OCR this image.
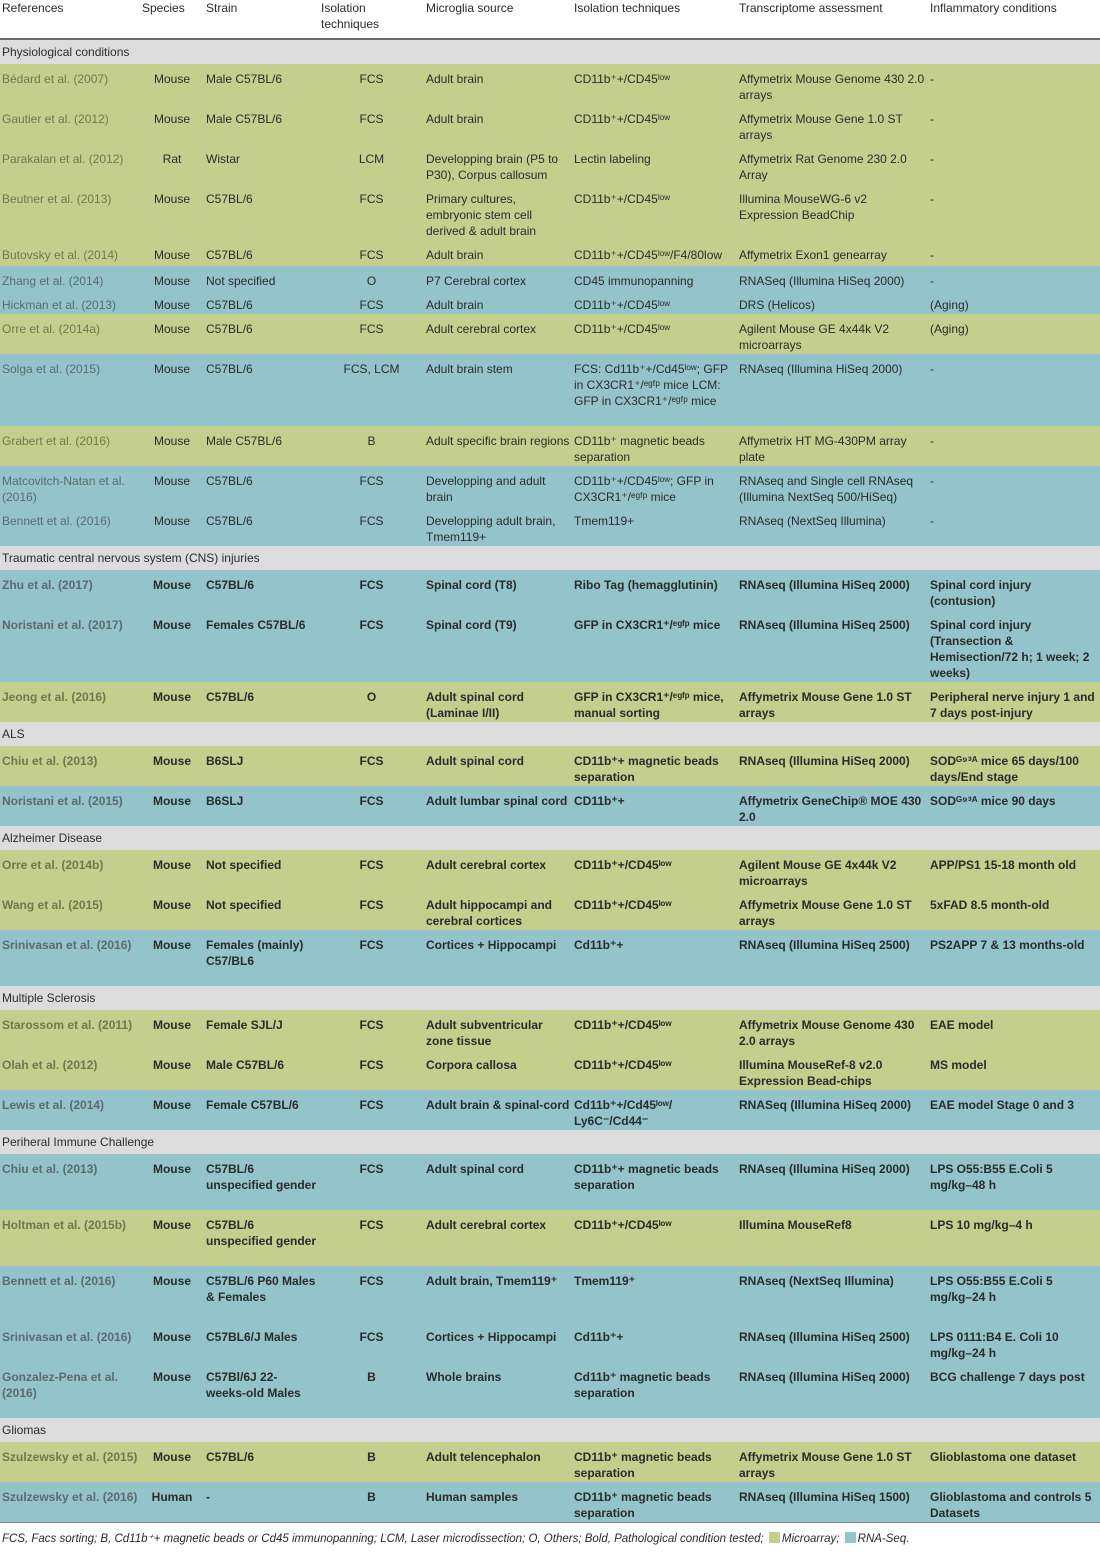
References	Species	Strain	Isolation techniques	Microglia source	Isolation techniques	Transcriptome assessment	Inflammatory conditions
Physiological conditions							
Bédard et al. (2007)	Mouse	Male C57BL/6	FCS	Adult brain	CD11b⁺+/CD45ˡᵒʷ	Affymetrix Mouse Genome 430 2.0 arrays	-
Gautier et al. (2012)	Mouse	Male C57BL/6	FCS	Adult brain	CD11b⁺+/CD45ˡᵒʷ	Affymetrix Mouse Gene 1.0 ST arrays	-
Parakalan et al. (2012)	Rat	Wistar	LCM	Developping brain (P5 to P30), Corpus callosum	Lectin labeling	Affymetrix Rat Genome 230 2.0 Array	-
Beutner et al. (2013)	Mouse	C57BL/6	FCS	Primary cultures, embryonic stem cell derived & adult brain	CD11b⁺+/CD45ˡᵒʷ	Illumina MouseWG-6 v2 Expression BeadChip	-
Butovsky et al. (2014)	Mouse	C57BL/6	FCS	Adult brain	CD11b⁺+/CD45ˡᵒʷ/F4/80low	Affymetrix Exon1 genearray	-
Zhang et al. (2014)	Mouse	Not specified	O	P7 Cerebral cortex	CD45 immunopanning	RNASeq (Illumina HiSeq 2000)	-
Hickman et al. (2013)	Mouse	C57BL/6	FCS	Adult brain	CD11b⁺+/CD45ˡᵒʷ	DRS (Helicos)	(Aging)
Orre et al. (2014a)	Mouse	C57BL/6	FCS	Adult cerebral cortex	CD11b⁺+/CD45ˡᵒʷ	Agilent Mouse GE 4x44k V2 microarrays	(Aging)
Solga et al. (2015)	Mouse	C57BL/6	FCS, LCM	Adult brain stem	FCS: Cd11b⁺+/Cd45ˡᵒʷ; GFP in CX3CR1⁺/ᵉᵍᶠᵖ mice LCM: GFP in CX3CR1⁺/ᵉᵍᶠᵖ mice	RNAseq (Illumina HiSeq 2000)	-
Grabert et al. (2016)	Mouse	Male C57BL/6	B	Adult specific brain regions	CD11b⁺ magnetic beads separation	Affymetrix HT MG-430PM array plate	-
Matcovitch-Natan et al. (2016)	Mouse	C57BL/6	FCS	Developping and adult brain	CD11b⁺+/CD45ˡᵒʷ; GFP in CX3CR1⁺/ᵉᵍᶠᵖ mice	RNAseq and Single cell RNAseq (Illumina NextSeq 500/HiSeq)	-
Bennett et al. (2016)	Mouse	C57BL/6	FCS	Developping adult brain, Tmem119+	Tmem119+	RNAseq (NextSeq Illumina)	-
Traumatic central nervous system (CNS) injuries							
Zhu et al. (2017)	Mouse	C57BL/6	FCS	Spinal cord (T8)	Ribo Tag (hemagglutinin)	RNAseq (Illumina HiSeq 2000)	Spinal cord injury (contusion)
Noristani et al. (2017)	Mouse	Females C57BL/6	FCS	Spinal cord (T9)	GFP in CX3CR1⁺/ᵉᵍᶠᵖ mice	RNAseq (Illumina HiSeq 2500)	Spinal cord injury (Transection & Hemisection/72 h; 1 week; 2 weeks)
Jeong et al. (2016)	Mouse	C57BL/6	O	Adult spinal cord (Laminae I/II)	GFP in CX3CR1⁺/ᵉᵍᶠᵖ mice, manual sorting	Affymetrix Mouse Gene 1.0 ST arrays	Peripheral nerve injury 1 and 7 days post-injury
ALS							
Chiu et al. (2013)	Mouse	B6SLJ	FCS	Adult spinal cord	CD11b⁺+ magnetic beads separation	RNAseq (Illumina HiSeq 2000)	SODᴳ⁹³ᴬ mice 65 days/100 days/End stage
Noristani et al. (2015)	Mouse	B6SLJ	FCS	Adult lumbar spinal cord	CD11b⁺+	Affymetrix GeneChip® MOE 430 2.0	SODᴳ⁹³ᴬ mice 90 days
Alzheimer Disease							
Orre et al. (2014b)	Mouse	Not specified	FCS	Adult cerebral cortex	CD11b⁺+/CD45ˡᵒʷ	Agilent Mouse GE 4x44k V2 microarrays	APP/PS1 15-18 month old
Wang et al. (2015)	Mouse	Not specified	FCS	Adult hippocampi and cerebral cortices	CD11b⁺+/CD45ˡᵒʷ	Affymetrix Mouse Gene 1.0 ST arrays	5xFAD 8.5 month-old
Srinivasan et al. (2016)	Mouse	Females (mainly) C57/BL6	FCS	Cortices + Hippocampi	Cd11b⁺+	RNAseq (Illumina HiSeq 2500)	PS2APP 7 & 13 months-old
Multiple Sclerosis							
Starossom et al. (2011)	Mouse	Female SJL/J	FCS	Adult subventricular zone tissue	CD11b⁺+/CD45ˡᵒʷ	Affymetrix Mouse Genome 430 2.0 arrays	EAE model
Olah et al. (2012)	Mouse	Male C57BL/6	FCS	Corpora callosa	CD11b⁺+/CD45ˡᵒʷ	Illumina MouseRef-8 v2.0 Expression Bead-chips	MS model
Lewis et al. (2014)	Mouse	Female C57BL/6	FCS	Adult brain & spinal-cord	Cd11b⁺+/Cd45ˡᵒʷ/ Ly6C⁻/Cd44⁻	RNASeq (Illumina HiSeq 2000)	EAE model Stage 0 and 3
Periheral Immune Challenge							
Chiu et al. (2013)	Mouse	C57BL/6 unspecified gender	FCS	Adult spinal cord	CD11b⁺+ magnetic beads separation	RNAseq (Illumina HiSeq 2000)	LPS O55:B55 E.Coli 5 mg/kg–48 h
Holtman et al. (2015b)	Mouse	C57BL/6 unspecified gender	FCS	Adult cerebral cortex	CD11b⁺+/CD45ˡᵒʷ	Illumina MouseRef8	LPS 10 mg/kg–4 h
Bennett et al. (2016)	Mouse	C57BL/6 P60 Males & Females	FCS	Adult brain, Tmem119⁺	Tmem119⁺	RNAseq (NextSeq Illumina)	LPS O55:B55 E.Coli 5 mg/kg–24 h
Srinivasan et al. (2016)	Mouse	C57BL6/J Males	FCS	Cortices + Hippocampi	Cd11b⁺+	RNAseq (Illumina HiSeq 2500)	LPS 0111:B4 E. Coli 10 mg/kg–24 h
Gonzalez-Pena et al. (2016)	Mouse	C57Bl/6J 22-weeks-old Males	B	Whole brains	Cd11b⁺ magnetic beads separation	RNAseq (Illumina HiSeq 2000)	BCG challenge 7 days post
Gliomas							
Szulzewsky et al. (2015)	Mouse	C57BL/6	B	Adult telencephalon	CD11b⁺ magnetic beads separation	Affymetrix Mouse Gene 1.0 ST arrays	Glioblastoma one dataset
Szulzewsky et al. (2016)	Human	-	B	Human samples	CD11b⁺ magnetic beads separation	RNAseq (Illumina HiSeq 1500)	Glioblastoma and controls 5 Datasets
FCS, Facs sorting; B, Cd11b⁺+ magnetic beads or Cd45 immunopanning; LCM, Laser microdissection; O, Others; Bold, Pathological condition tested; Microarray; RNA-Seq.
